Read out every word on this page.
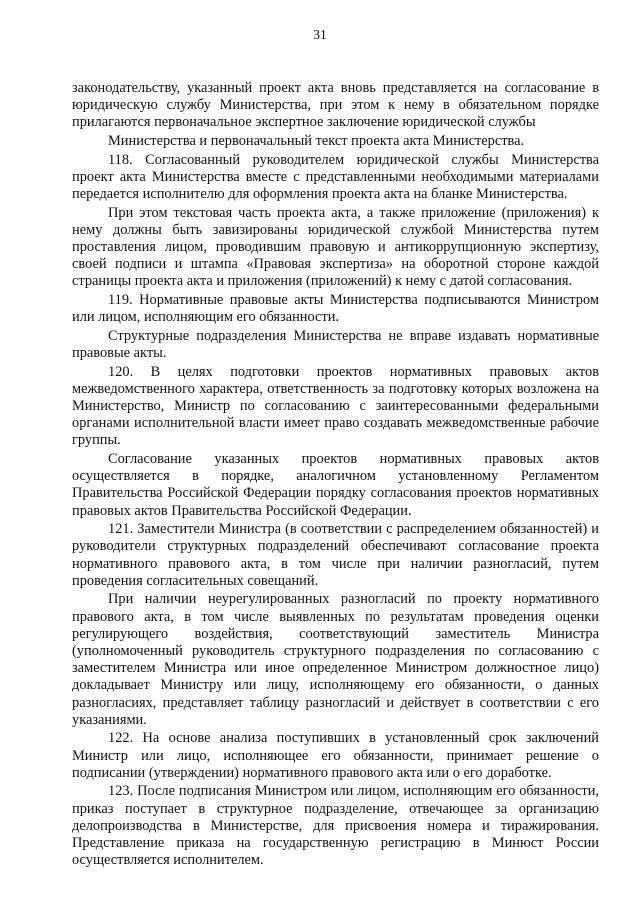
31

законодательству, указанный проект акта вновь представляется на согласование в юридическую службу Министерства, при этом к нему в обязательном порядке прилагаются первоначальное экспертное заключение юридической службы

Министерства и первоначальный текст проекта акта Министерства.

118. Согласованный руководителем юридической службы Министерства проект акта Министерства вместе с представленными необходимыми материалами передается исполнителю для оформления проекта акта на бланке Министерства.

При этом текстовая часть проекта акта, а также приложение (приложения) к нему должны быть завизированы юридической службой Министерства путем проставления лицом, проводившим правовую и антикоррупционную экспертизу, своей подписи и штампа «Правовая экспертиза» на оборотной стороне каждой страницы проекта акта и приложения (приложений) к нему с датой согласования.

119. Нормативные правовые акты Министерства подписываются Министром или лицом, исполняющим его обязанности.

Структурные подразделения Министерства не вправе издавать нормативные правовые акты.

120. В целях подготовки проектов нормативных правовых актов межведомственного характера, ответственность за подготовку которых возложена на Министерство, Министр по согласованию с заинтересованными федеральными органами исполнительной власти имеет право создавать межведомственные рабочие группы.

Согласование указанных проектов нормативных правовых актов осуществляется в порядке, аналогичном установленному Регламентом Правительства Российской Федерации порядку согласования проектов нормативных правовых актов Правительства Российской Федерации.

121. Заместители Министра (в соответствии с распределением обязанностей) и руководители структурных подразделений обеспечивают согласование проекта нормативного правового акта, в том числе при наличии разногласий, путем проведения согласительных совещаний.

При наличии неурегулированных разногласий по проекту нормативного правового акта, в том числе выявленных по результатам проведения оценки регулирующего воздействия, соответствующий заместитель Министра (уполномоченный руководитель структурного подразделения по согласованию с заместителем Министра или иное определенное Министром должностное лицо) докладывает Министру или лицу, исполняющему его обязанности, о данных разногласиях, представляет таблицу разногласий и действует в соответствии с его указаниями.

122. На основе анализа поступивших в установленный срок заключений Министр или лицо, исполняющее его обязанности, принимает решение о подписании (утверждении) нормативного правового акта или о его доработке.

123. После подписания Министром или лицом, исполняющим его обязанности, приказ поступает в структурное подразделение, отвечающее за организацию делопроизводства в Министерстве, для присвоения номера и тиражирования. Представление приказа на государственную регистрацию в Минюст России осуществляется исполнителем.
